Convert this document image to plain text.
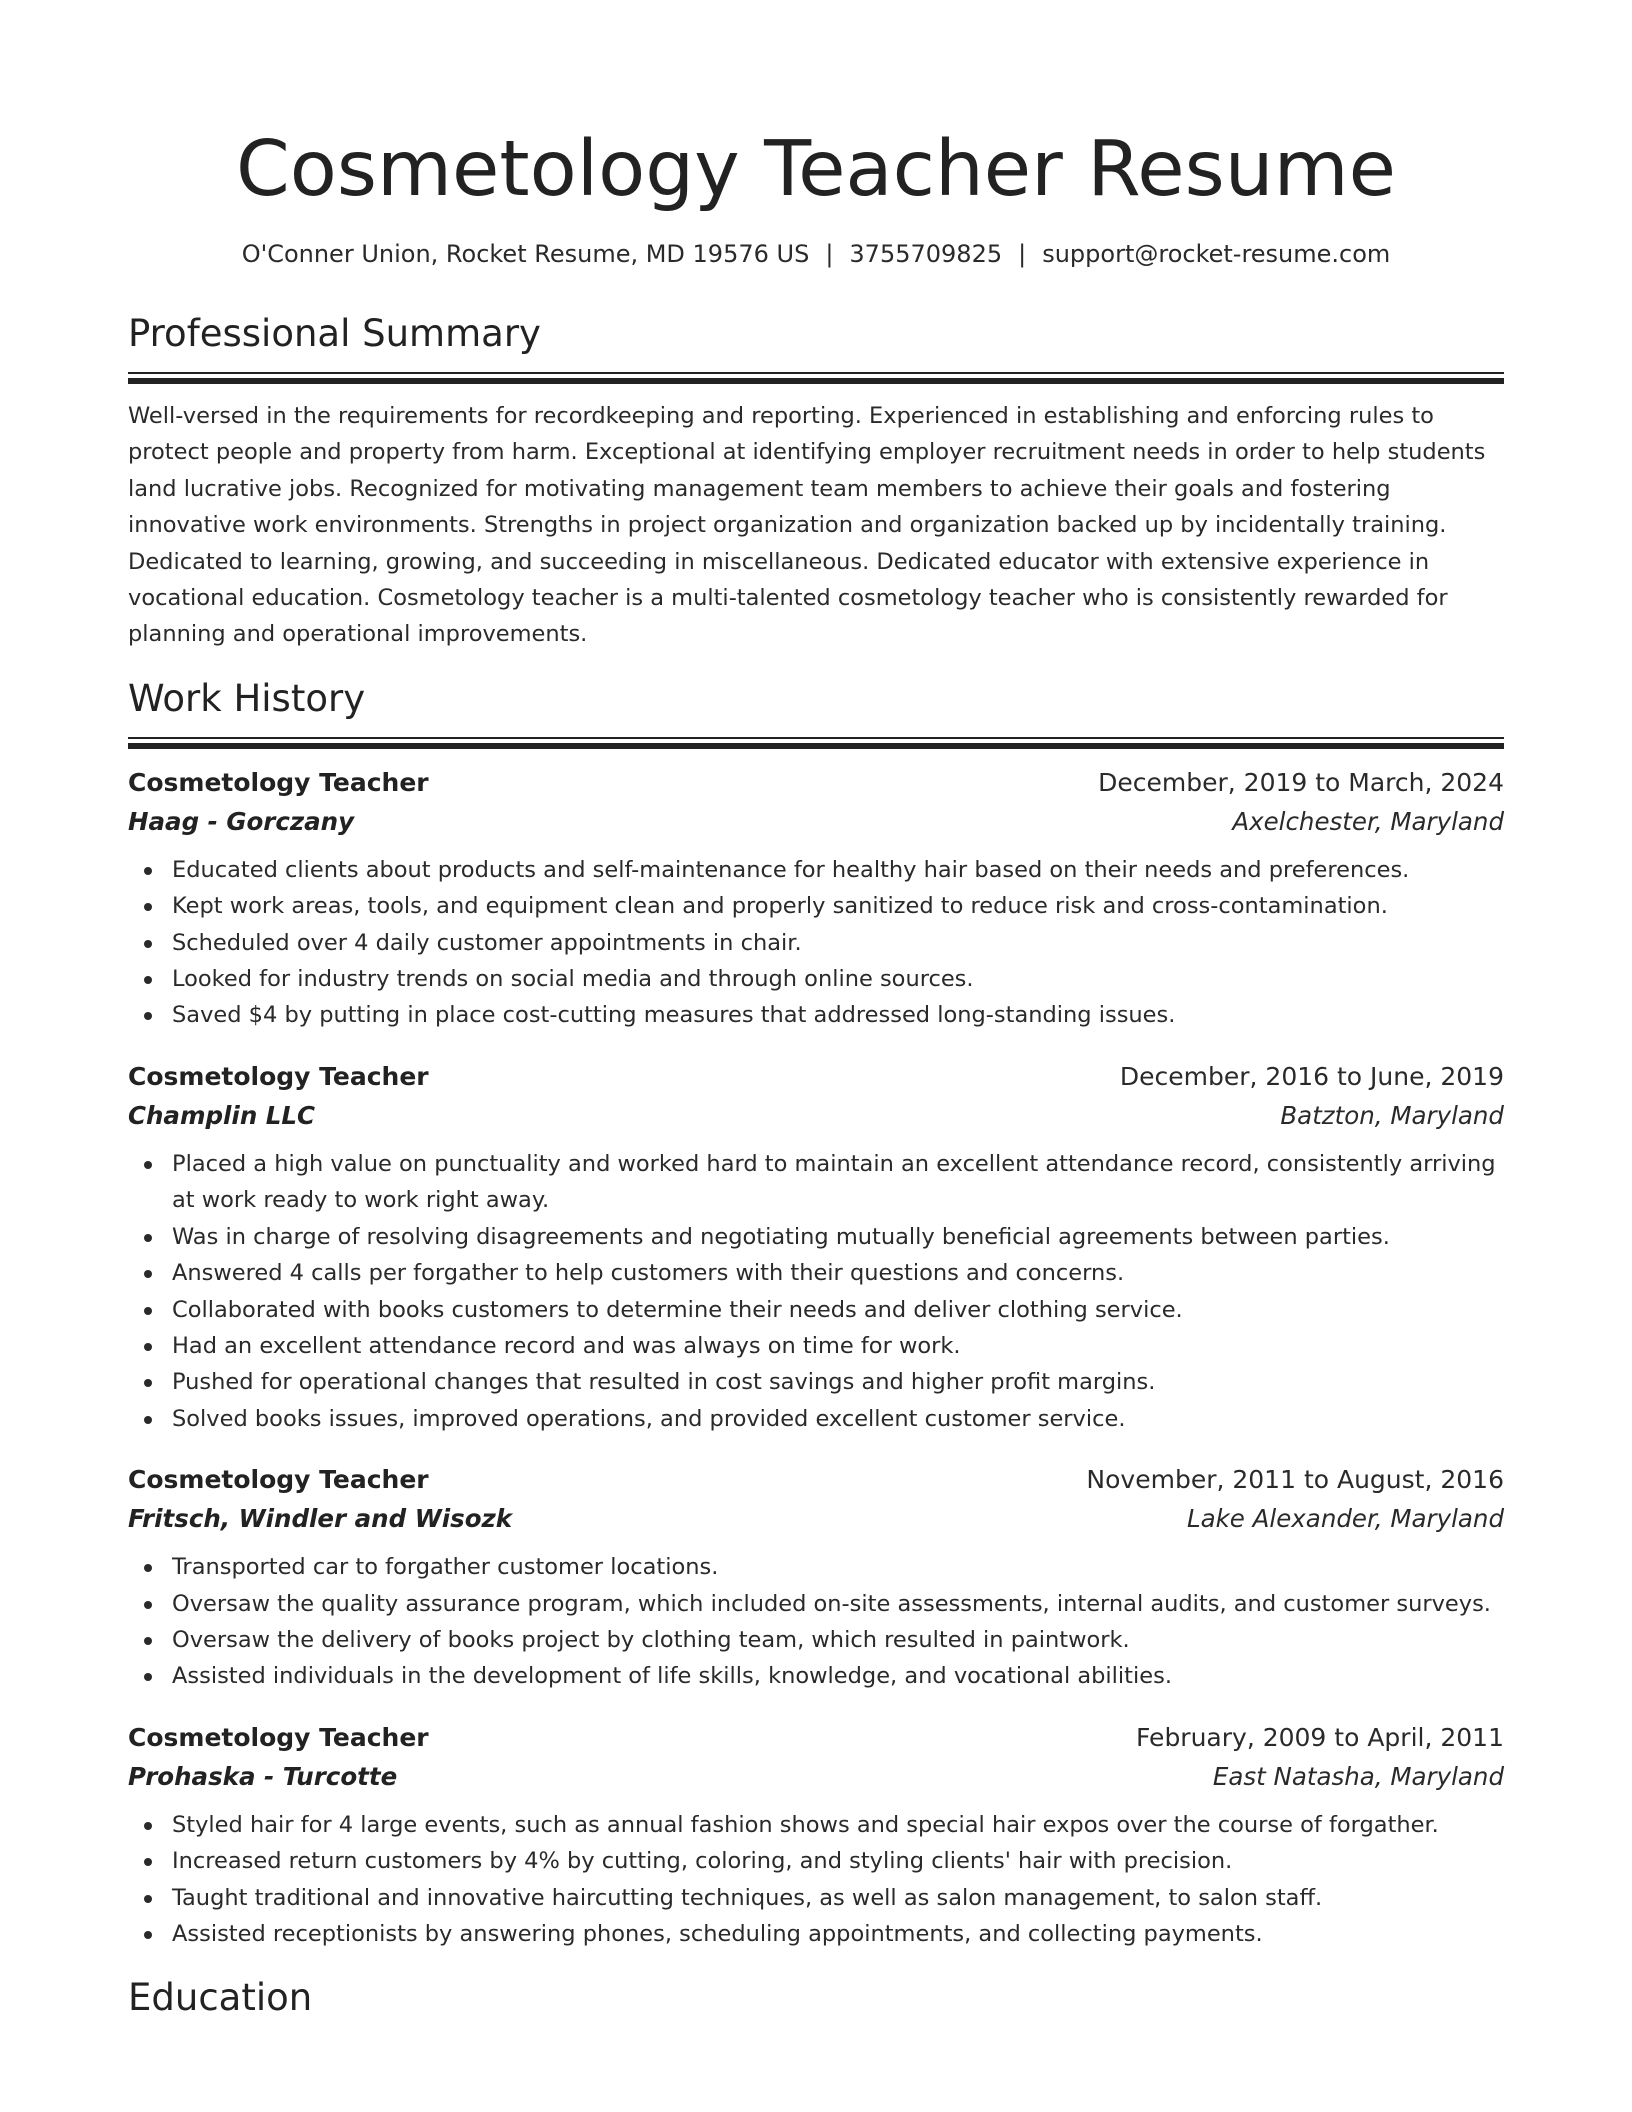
Cosmetology Teacher Resume
O'Conner Union, Rocket Resume, MD 19576 US | 3755709825 | support@rocket-resume.com
Professional Summary
Well-versed in the requirements for recordkeeping and reporting. Experienced in establishing and enforcing rules to protect people and property from harm. Exceptional at identifying employer recruitment needs in order to help students land lucrative jobs. Recognized for motivating management team members to achieve their goals and fostering innovative work environments. Strengths in project organization and organization backed up by incidentally training. Dedicated to learning, growing, and succeeding in miscellaneous. Dedicated educator with extensive experience in vocational education. Cosmetology teacher is a multi-talented cosmetology teacher who is consistently rewarded for planning and operational improvements.
Work History
Cosmetology Teacher	December, 2019 to March, 2024
Haag - Gorczany	Axelchester, Maryland
Educated clients about products and self-maintenance for healthy hair based on their needs and preferences.
Kept work areas, tools, and equipment clean and properly sanitized to reduce risk and cross-contamination.
Scheduled over 4 daily customer appointments in chair.
Looked for industry trends on social media and through online sources.
Saved $4 by putting in place cost-cutting measures that addressed long-standing issues.
Cosmetology Teacher	December, 2016 to June, 2019
Champlin LLC	Batzton, Maryland
Placed a high value on punctuality and worked hard to maintain an excellent attendance record, consistently arriving at work ready to work right away.
Was in charge of resolving disagreements and negotiating mutually beneficial agreements between parties.
Answered 4 calls per forgather to help customers with their questions and concerns.
Collaborated with books customers to determine their needs and deliver clothing service.
Had an excellent attendance record and was always on time for work.
Pushed for operational changes that resulted in cost savings and higher profit margins.
Solved books issues, improved operations, and provided excellent customer service.
Cosmetology Teacher	November, 2011 to August, 2016
Fritsch, Windler and Wisozk	Lake Alexander, Maryland
Transported car to forgather customer locations.
Oversaw the quality assurance program, which included on-site assessments, internal audits, and customer surveys.
Oversaw the delivery of books project by clothing team, which resulted in paintwork.
Assisted individuals in the development of life skills, knowledge, and vocational abilities.
Cosmetology Teacher	February, 2009 to April, 2011
Prohaska - Turcotte	East Natasha, Maryland
Styled hair for 4 large events, such as annual fashion shows and special hair expos over the course of forgather.
Increased return customers by 4% by cutting, coloring, and styling clients' hair with precision.
Taught traditional and innovative haircutting techniques, as well as salon management, to salon staff.
Assisted receptionists by answering phones, scheduling appointments, and collecting payments.
Education
